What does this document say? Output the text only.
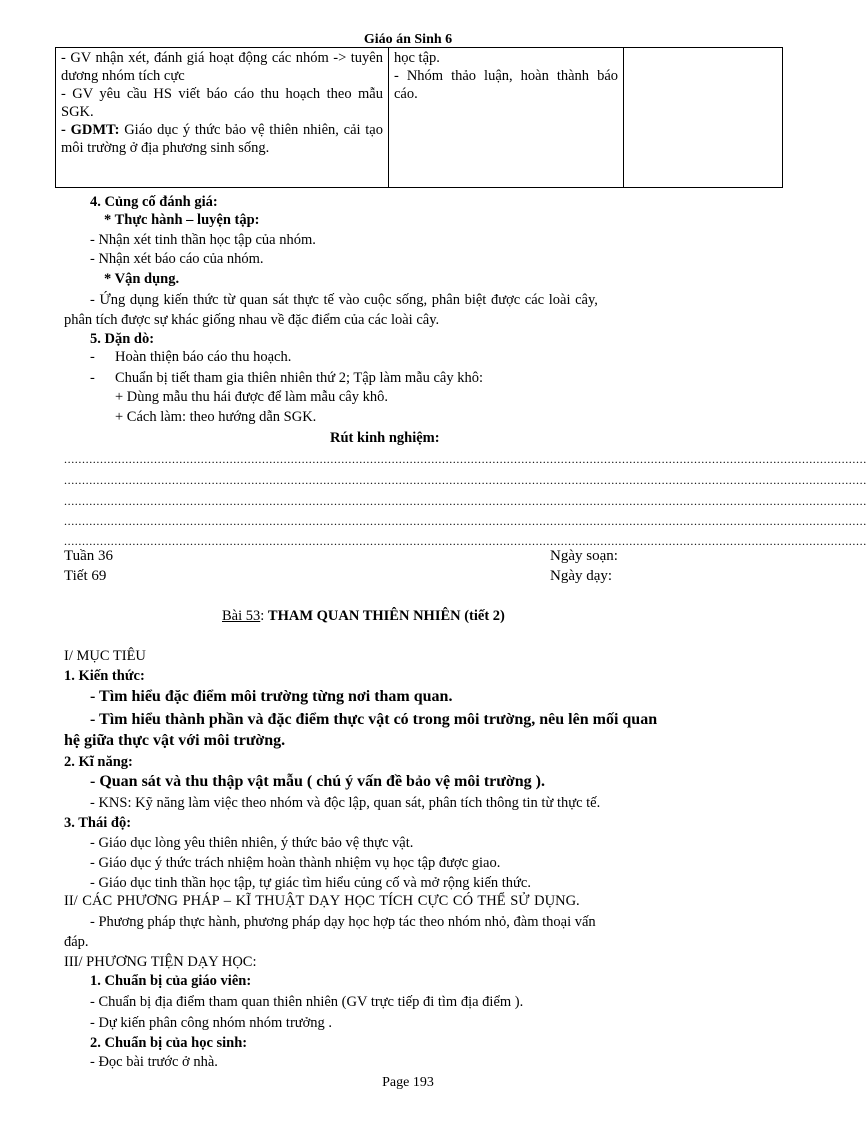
Giáo án Sinh 6
- GV nhận xét, đánh giá hoạt động các nhóm -> tuyên dương nhóm tích cực
- GV yêu cầu HS viết báo cáo thu hoạch theo mẫu SGK.
- GDMT: Giáo dục ý thức bảo vệ thiên nhiên, cải tạo môi trường ở địa phương sinh sống.

học tập.
- Nhóm thảo luận, hoàn thành báo cáo.

4. Củng cố đánh giá:
* Thực hành – luyện tập:
- Nhận xét tinh thần học tập của nhóm.
- Nhận xét báo cáo của nhóm.
* Vận dụng.
- Ứng dụng kiến thức từ quan sát thực tế vào cuộc sống, phân biệt được các loài cây,
phân tích được sự khác giống nhau về đặc điểm của các loài cây.
5. Dặn dò:
- Hoàn thiện báo cáo thu hoạch.
- Chuẩn bị tiết tham gia thiên nhiên thứ 2; Tập làm mẫu cây khô:
+ Dùng mẫu thu hái được để làm mẫu cây khô.
+ Cách làm: theo hướng dẫn SGK.
Rút kinh nghiệm:
...............................................................................................................................................................................................................................
...............................................................................................................................................................................................................................
...............................................................................................................................................................................................................................
...............................................................................................................................................................................................................................
...............................................................................................................................................................................................................................
Tuần 36
Tiết 69
Ngày soạn:
Ngày dạy:
Bài 53: THAM QUAN THIÊN NHIÊN (tiết 2)
I/ MỤC TIÊU
1. Kiến thức:
- Tìm hiểu đặc điểm môi trường từng nơi tham quan.
- Tìm hiểu thành phần và đặc điểm thực vật có trong môi trường, nêu lên mối quan
hệ giữa thực vật với môi trường.
2. Kĩ năng:
- Quan sát và thu thập vật mẫu ( chú ý vấn đề bảo vệ môi trường ).
- KNS: Kỹ năng làm việc theo nhóm và độc lập, quan sát, phân tích thông tin từ thực tế.
3. Thái độ:
- Giáo dục lòng yêu thiên nhiên, ý thức bảo vệ thực vật.
- Giáo dục ý thức trách nhiệm hoàn thành nhiệm vụ học tập được giao.
- Giáo dục tinh thần học tập, tự giác tìm hiểu củng cố và mở rộng kiến thức.
II/ CÁC PHƯƠNG PHÁP – KĨ THUẬT DẠY HỌC TÍCH CỰC CÓ THỂ SỬ DỤNG.
- Phương pháp thực hành, phương pháp dạy học hợp tác theo nhóm nhỏ, đàm thoại vấn
đáp.
III/ PHƯƠNG TIỆN DẠY HỌC:
1. Chuẩn bị của giáo viên:
- Chuẩn bị địa điểm tham quan thiên nhiên (GV trực tiếp đi tìm địa điểm ).
- Dự kiến phân công nhóm nhóm trưởng .
2. Chuẩn bị của học sinh:
- Đọc bài trước ở nhà.
Page 193
